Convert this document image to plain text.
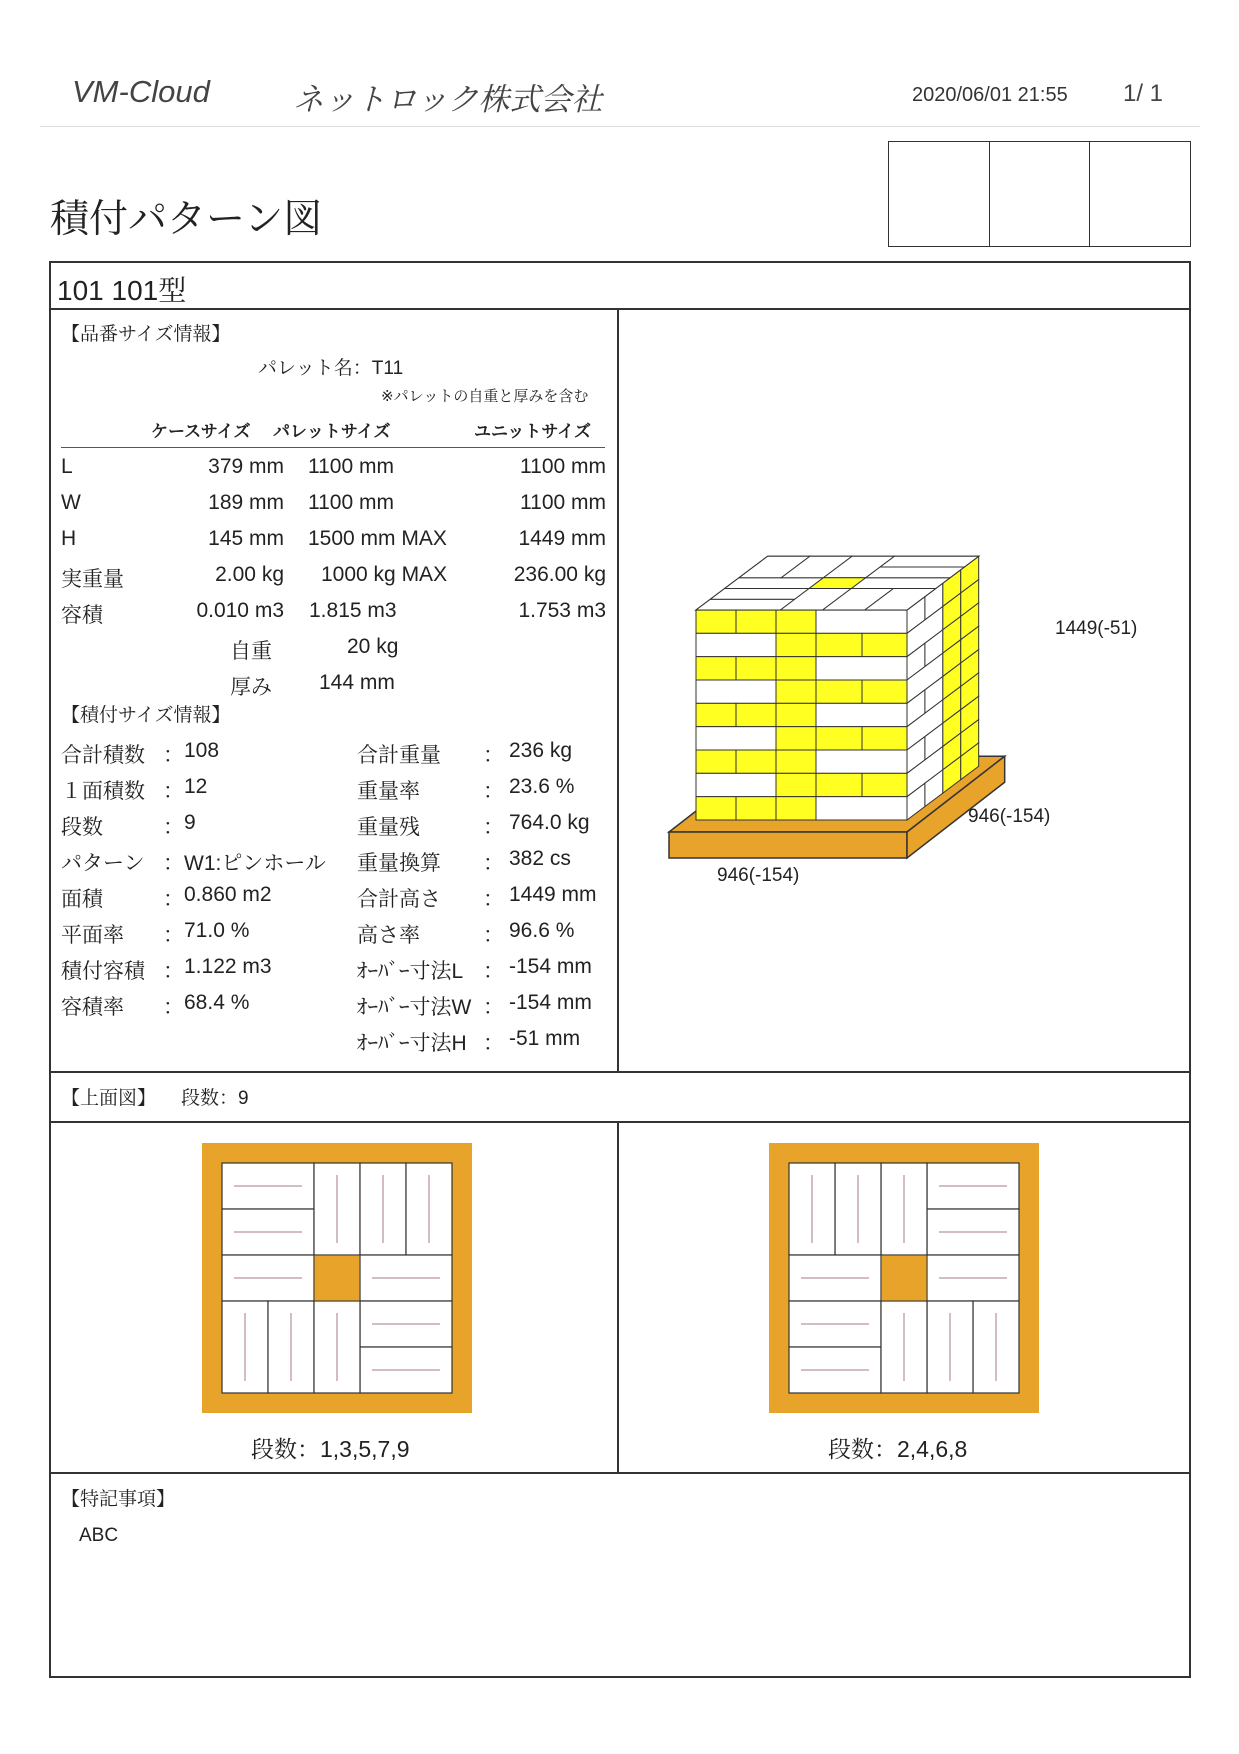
VM-Cloud	ネットロック株式会社	2020/06/01 21:55 1/ 1
積付パターン図
101 101型
【品番サイズ情報】
パレット名：T11
※パレットの自重と厚みを含む
ケースサイズ パレットサイズ	ユニットサイズ
L	379 mm 1100 mm	1100 mm
W	189 mm 1100 mm	1100 mm
H	145 mm 1500 mm MAX	1449 mm
実重量	2.00 kg 1000 kg MAX	236.00 kg
容積	0.010 m3 1.815 m3	1.753 m3
自重	20 kg
厚み 144 mm
【積付サイズ情報】
合計積数 ： 108
１面積数 ： 12
段数	： 9
パターン ： W1:ピンホール
面積	： 0.860 m2
平面率 ： 71.0 %
積付容積 ： 1.122 m3
容積率 ： 68.4 %
合計重量 ： 236 kg
重量率	： 23.6 %
重量残	： 764.0 kg
重量換算 ： 382 cs
合計高さ ： 1449 mm
高さ率	： 96.6 %
ｵｰﾊﾞｰ寸法L ： -154 mm
ｵｰﾊﾞｰ寸法W ： -154 mm
ｵｰﾊﾞｰ寸法H ： -51 mm
1449(-51)
946(-154)
946(-154)
【上面図】 段数：9
段数：1,3,5,7,9	段数：2,4,6,8
【特記事項】
ABC
